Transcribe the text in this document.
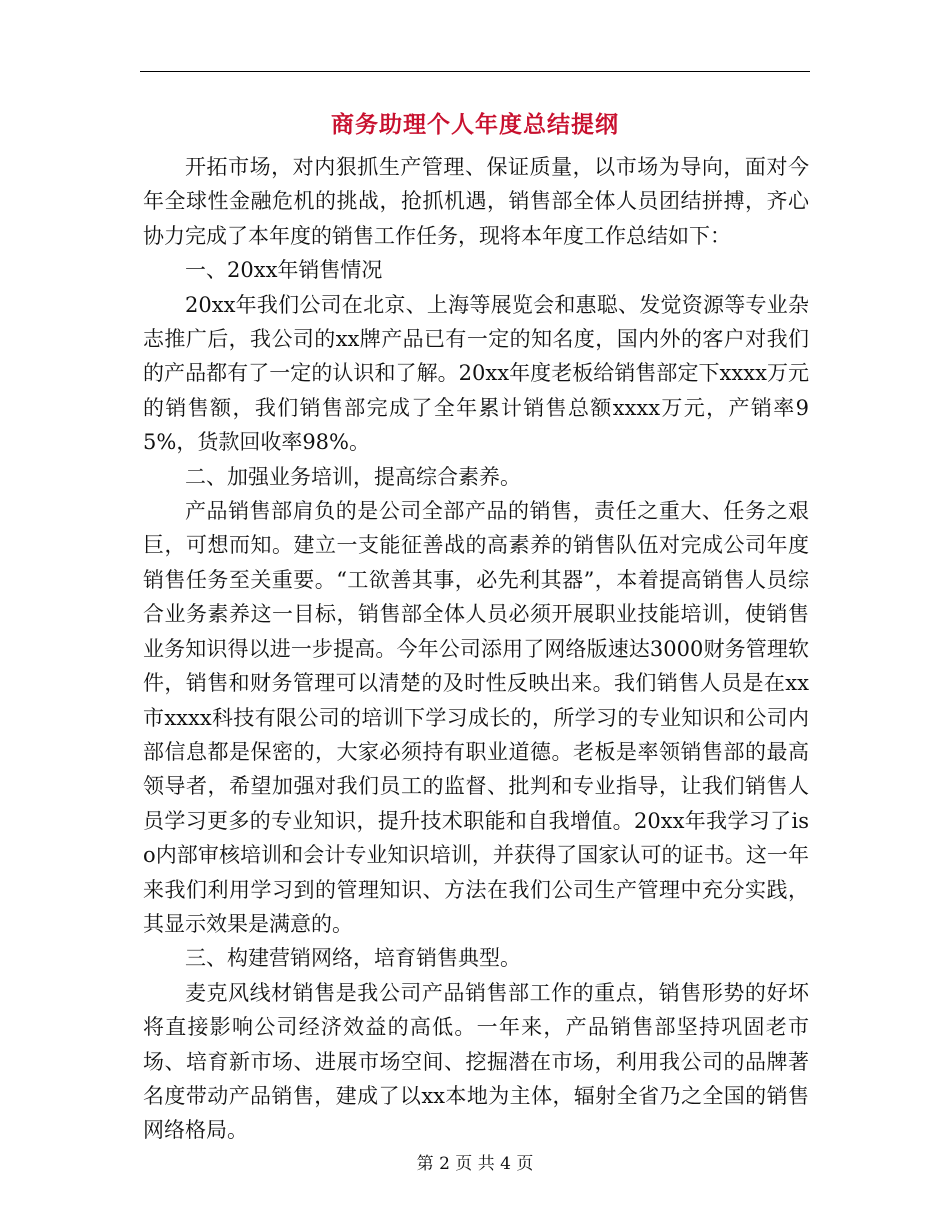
商务助理个人年度总结提纲

开拓市场，对内狠抓生产管理、保证质量，以市场为导向，面对今年全球性金融危机的挑战，抢抓机遇，销售部全体人员团结拼搏，齐心协力完成了本年度的销售工作任务，现将本年度工作总结如下：

一、20xx年销售情况

20xx年我们公司在北京、上海等展览会和惠聪、发觉资源等专业杂志推广后，我公司的xx牌产品已有一定的知名度，国内外的客户对我们的产品都有了一定的认识和了解。20xx年度老板给销售部定下xxxx万元的销售额，我们销售部完成了全年累计销售总额xxxx万元，产销率95%，货款回收率98%。

二、加强业务培训，提高综合素养。

产品销售部肩负的是公司全部产品的销售，责任之重大、任务之艰巨，可想而知。建立一支能征善战的高素养的销售队伍对完成公司年度销售任务至关重要。“工欲善其事，必先利其器”，本着提高销售人员综合业务素养这一目标，销售部全体人员必须开展职业技能培训，使销售业务知识得以进一步提高。今年公司添用了网络版速达3000财务管理软件，销售和财务管理可以清楚的及时性反映出来。我们销售人员是在xx市xxxx科技有限公司的培训下学习成长的，所学习的专业知识和公司内部信息都是保密的，大家必须持有职业道德。老板是率领销售部的最高领导者，希望加强对我们员工的监督、批判和专业指导，让我们销售人员学习更多的专业知识，提升技术职能和自我增值。20xx年我学习了iso内部审核培训和会计专业知识培训，并获得了国家认可的证书。这一年来我们利用学习到的管理知识、方法在我们公司生产管理中充分实践，其显示效果是满意的。

三、构建营销网络，培育销售典型。

麦克风线材销售是我公司产品销售部工作的重点，销售形势的好坏将直接影响公司经济效益的高低。一年来，产品销售部坚持巩固老市场、培育新市场、进展市场空间、挖掘潜在市场，利用我公司的品牌著名度带动产品销售，建成了以xx本地为主体，辐射全省乃之全国的销售网络格局。

第 2 页 共 4 页
